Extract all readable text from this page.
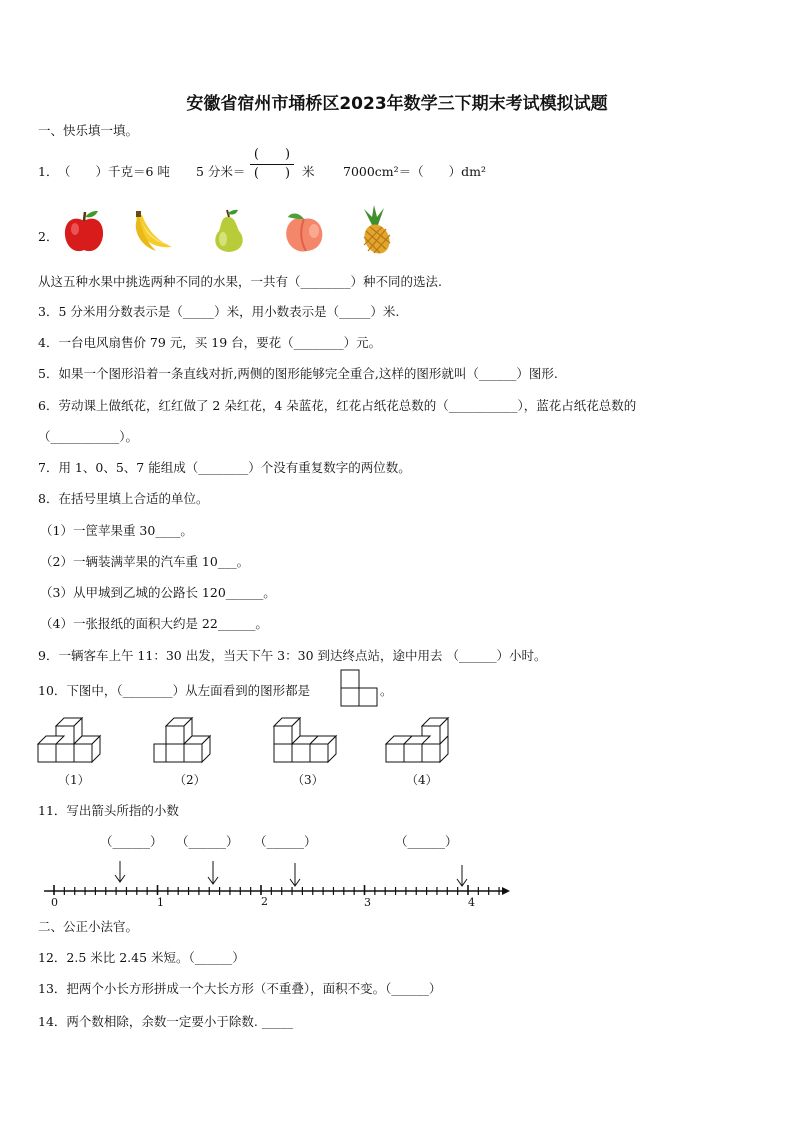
安徽省宿州市埇桥区2023年数学三下期末考试模拟试题
一、快乐填一填。
1． （　　）千克＝6 吨 5 分米＝
(　　)
(　　) 米 7000cm²＝（　　）dm²
2．
从这五种水果中挑选两种不同的水果，一共有（________）种不同的选法.
3．5 分米用分数表示是（_____）米，用小数表示是（_____）米.
4．一台电风扇售价 79 元，买 19 台，要花（________）元。
5．如果一个图形沿着一条直线对折,两侧的图形能够完全重合,这样的图形就叫（______）图形.
6．劳动课上做纸花，红红做了 2 朵红花，4 朵蓝花，红花占纸花总数的（___________），蓝花占纸花总数的
（___________）。
7．用 1、0、5、7 能组成（________）个没有重复数字的两位数。
8．在括号里填上合适的单位。
（1）一筐苹果重 30____。
（2）一辆装满苹果的汽车重 10___。
（3）从甲城到乙城的公路长 120______。
（4）一张报纸的面积大约是 22______。
9．一辆客车上午 11：30 出发，当天下午 3：30 到达终点站，途中用去 （______）小时。
10．下图中，（________）从左面看到的图形都是	。
（1）	（2）	（3）	（4）
11．写出箭头所指的小数
（______） （______） （______）	（______）
0	1	2	3	4
二、公正小法官。
12．2.5 米比 2.45 米短。（______）
13．把两个小长方形拼成一个大长方形（不重叠），面积不变。（______）
14．两个数相除，余数一定要小于除数. _____
